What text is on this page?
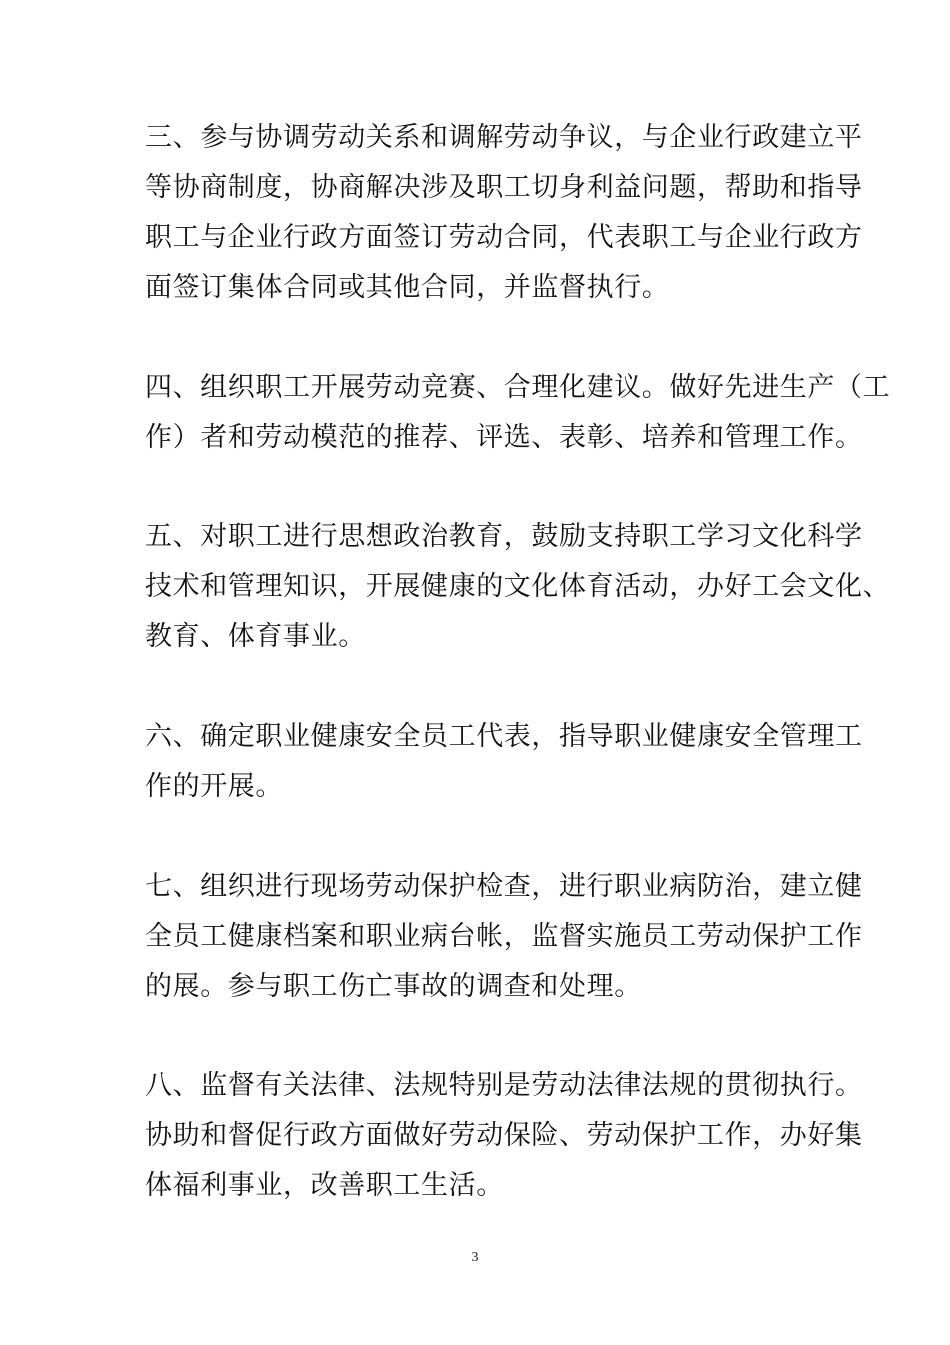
三、参与协调劳动关系和调解劳动争议，与企业行政建立平
等协商制度，协商解决涉及职工切身利益问题，帮助和指导
职工与企业行政方面签订劳动合同，代表职工与企业行政方
面签订集体合同或其他合同，并监督执行。
四、组织职工开展劳动竞赛、合理化建议。做好先进生产（工
作）者和劳动模范的推荐、评选、表彰、培养和管理工作。
五、对职工进行思想政治教育，鼓励支持职工学习文化科学
技术和管理知识，开展健康的文化体育活动，办好工会文化、
教育、体育事业。
六、确定职业健康安全员工代表，指导职业健康安全管理工
作的开展。
七、组织进行现场劳动保护检查，进行职业病防治，建立健
全员工健康档案和职业病台帐，监督实施员工劳动保护工作
的展。参与职工伤亡事故的调查和处理。
八、监督有关法律、法规特别是劳动法律法规的贯彻执行。
协助和督促行政方面做好劳动保险、劳动保护工作，办好集
体福利事业，改善职工生活。
3
